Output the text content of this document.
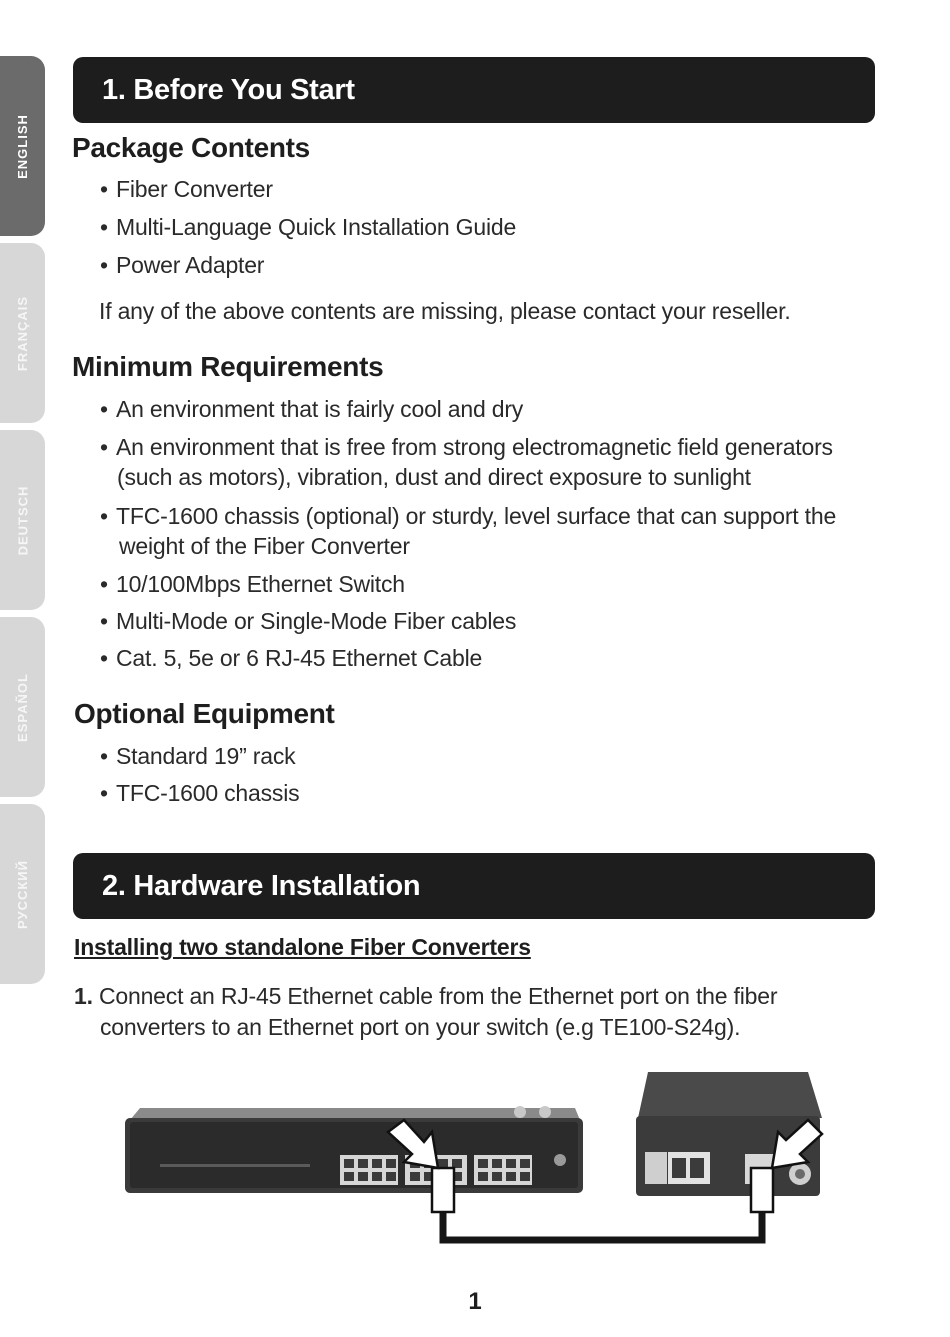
ENGLISH
FRANÇAIS
DEUTSCH
ESPAÑOL
РУССКИЙ
1. Before You Start
Package Contents
• Fiber Converter
• Multi-Language Quick Installation Guide
• Power Adapter
If any of the above contents are missing, please contact your reseller.
Minimum Requirements
• An environment that is fairly cool and dry
• An environment that is free from strong electromagnetic field generators
(such as motors), vibration, dust and direct exposure to sunlight
• TFC-1600 chassis (optional) or sturdy, level surface that can support the
weight of the Fiber Converter
• 10/100Mbps Ethernet Switch
• Multi-Mode or Single-Mode Fiber cables
• Cat. 5, 5e or 6 RJ-45 Ethernet Cable
Optional Equipment
• Standard 19” rack
• TFC-1600 chassis
2. Hardware Installation
Installing two standalone Fiber Converters
1. Connect an RJ-45 Ethernet cable from the Ethernet port on the fiber
converters to an Ethernet port on your switch (e.g TE100-S24g).
1
